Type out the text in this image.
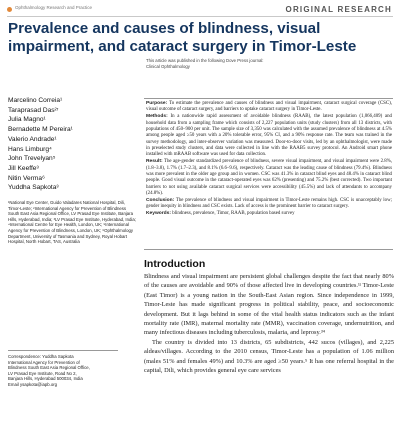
Ophthalmology Research and Practice	ORIGINAL RESEARCH
Prevalence and causes of blindness, visual
impairment, and cataract surgery in Timor-Leste
This article was published in the following Dove Press journal:
Clinical Ophthalmology
Marcelino Correia¹
Taraprasad Das²ʳ
Julia Magno¹
Bernadette M Pereira¹
Valerio Andrade¹
Hans Limburg⁴
John Trevelyan⁵
Jill Keeffe³
Nitin Verma⁶
Yuddha Sapkota³
¹National Eye Center, Guido Valadares National Hospital, Dili, Timor-Leste; ²International Agency for Prevention of Blindness South East Asia Regional Office, LV Prasad Eye Institute, Banjara Hills, Hyderabad, India; ³LV Prasad Eye Institute, Hyderabad, India; ⁴International Centre for Eye Health, London, UK; ⁵International Agency for Prevention of Blindness, London, UK; ⁶Ophthalmology Department, University of Tasmania and Sydney, Royal Hobart Hospital, North Hobart, TAS, Australia
Correspondence: Yuddha Sapkota
International Agency for Prevention of
Blindness South East Asia Regional Office,
LV Prasad Eye Institute, Road No 2,
Banjara Hills, Hyderabad 500034, India
Email ysapkota@iapb.org

Purpose: To estimate the prevalence and causes of blindness and visual impairment, cataract surgical coverage (CSC), visual outcome of cataract surgery, and barriers to uptake cataract surgery in Timor-Leste.

Methods: In a nationwide rapid assessment of avoidable blindness (RAAB), the latest population (1,066,409) and household data from a sampling frame which consists of 2,227 population units (study clusters) from all 13 districts, with populations of 450–900 per unit. The sample size of 3,350 was calculated with the assumed prevalence of blindness at 4.5% among people aged ≥50 years with a 20% tolerable error, 95% CI, and a 90% response rate. The team was trained in the survey methodology, and inter-observer variation was measured. Door-to-door visits, led by an ophthalmologist, were made in preselected study clusters, and data were collected in line with the RAAB5 survey protocol. An Android smart phone installed with mRAAB software was used for data collection.

Result: The age-gender standardized prevalence of blindness, severe visual impairment, and visual impairment were 2.8%, (1.8–3.8), 1.7% (1.7–2.3), and 8.1% (6.6–9.6), respectively. Cataract was the leading cause of blindness (79.4%). Blindness was more prevalent in the older age group and in women. CSC was 41.3% in cataract blind eyes and 48.4% in cataract blind people. Good visual outcome in the cataract-operated eyes was 62% (presenting) and 75.2% (best corrected). Two important barriers to not using available cataract surgical services were accessibility (45.5%) and lack of attendants to accompany (24.8%).

Conclusion: The prevalence of blindness and visual impairment in Timor-Leste remains high. CSC is unacceptably low; gender inequity in blindness and CSC exists. Lack of access is the prominent barrier to cataract surgery.

Keywords: blindness, prevalence, Timor, RAAB, population based survey

Introduction

Blindness and visual impairment are persistent global challenges despite the fact that nearly 80% of the causes are avoidable and 90% of those affected live in developing countries.¹ʲ Timor-Leste (East Timor) is a young nation in the South-East Asian region. Since independence in 1999, Timor-Leste has made significant progress in political stability, peace, and socioeconomic development. But it lags behind in some of the vital health status indicators such as the infant mortality rate (IMR), maternal mortality rate (MMR), vaccination coverage, undernutrition, and many infectious diseases including tuberculosis, malaria, and leprosy.³⁴

The country is divided into 13 districts, 65 subdistricts, 442 sucos (villages), and 2,225 aldeas/villages. According to the 2010 census, Timor-Leste has a population of 1.06 million (males 51% and females 49%) and 10.3% are aged ≥50 years.⁵ It has one referral hospital in the capital, Dili, which provides general eye care services
